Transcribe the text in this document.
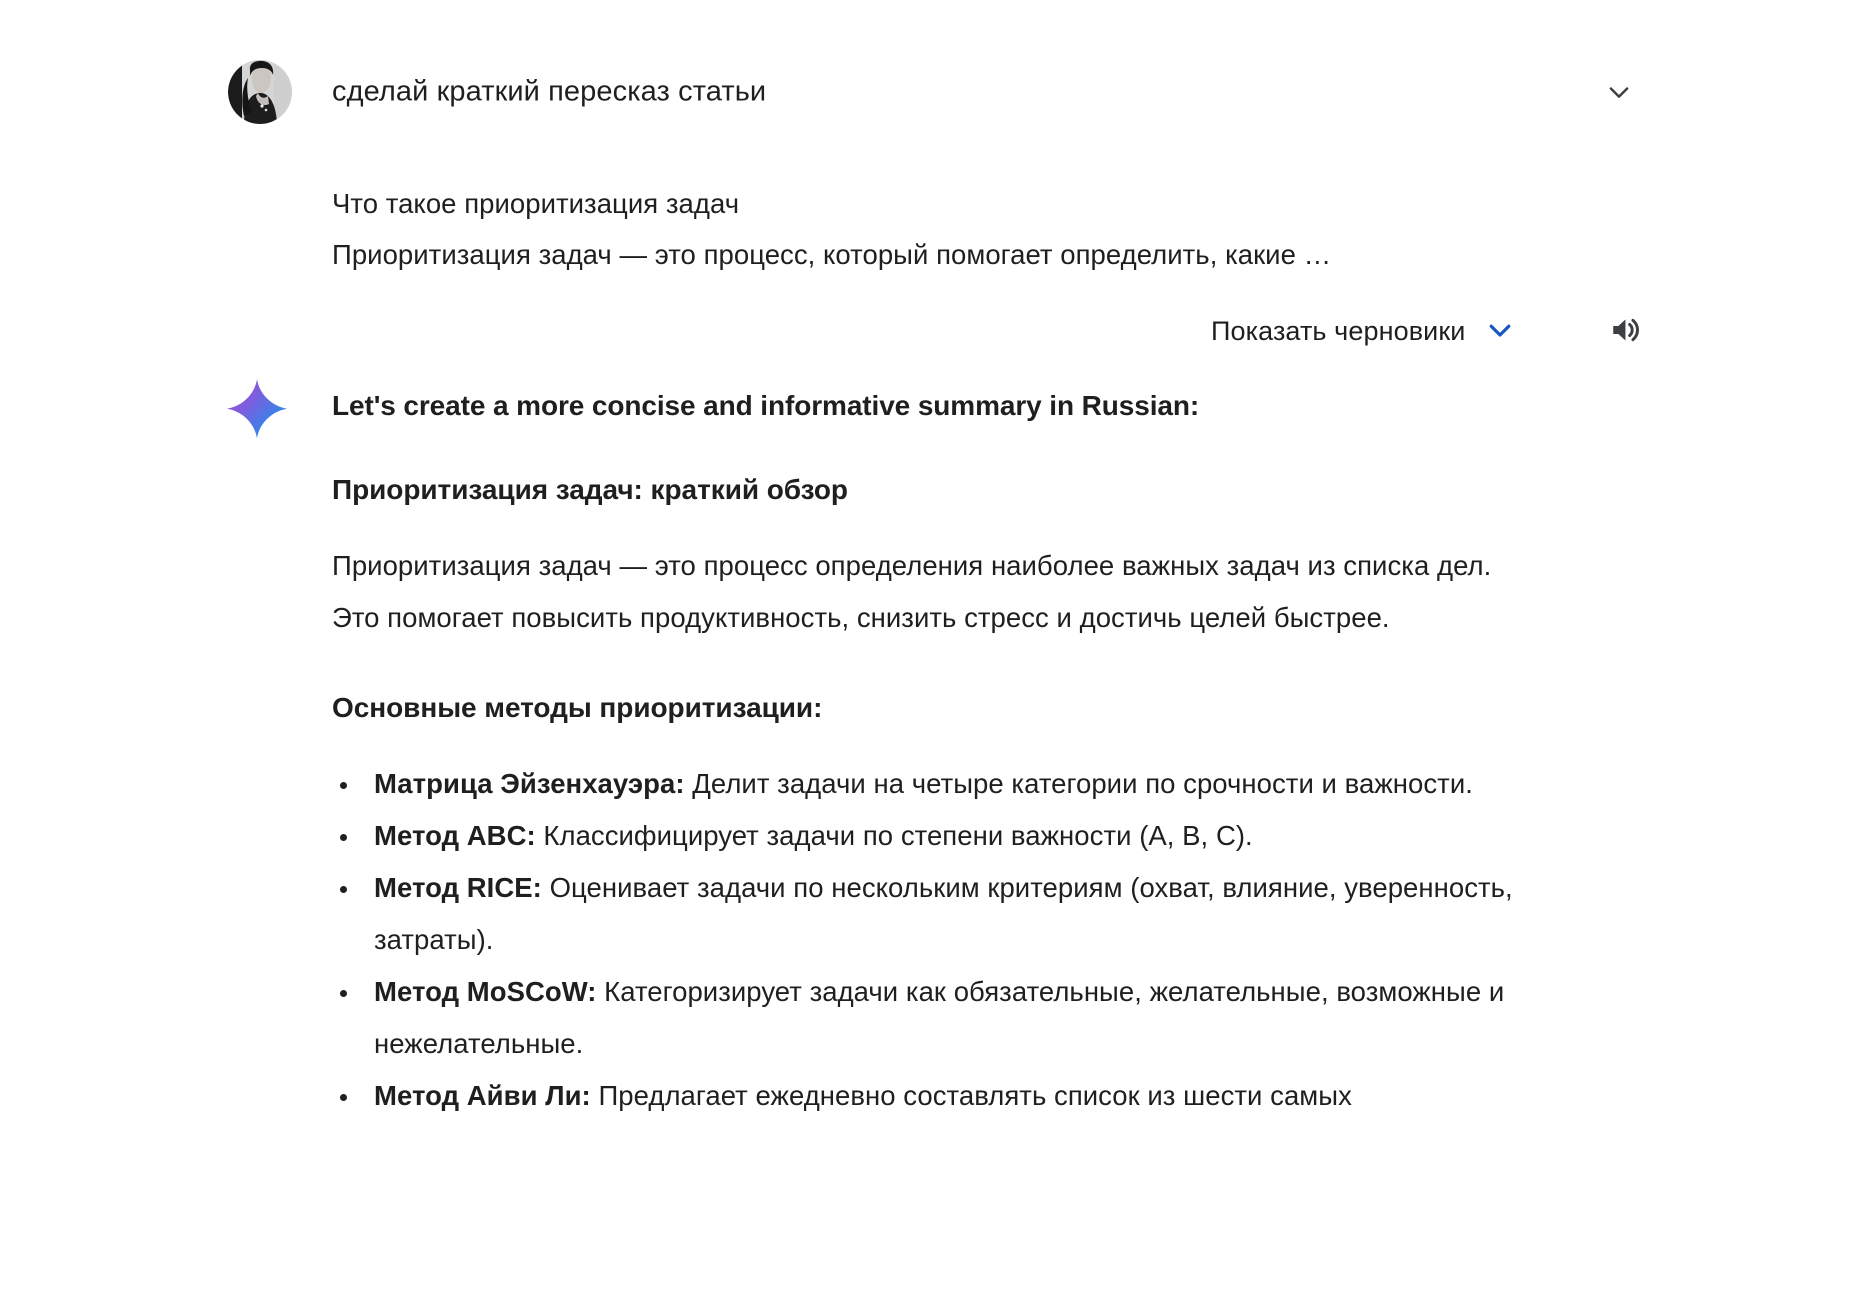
сделай краткий пересказ статьи
Что такое приоритизация задач
Приоритизация задач — это процесс, который помогает определить, какие …
Показать черновики

Let's create a more concise and informative summary in Russian:

Приоритизация задач: краткий обзор

Приоритизация задач — это процесс определения наиболее важных задач из списка дел. Это помогает повысить продуктивность, снизить стресс и достичь целей быстрее.

Основные методы приоритизации:

Матрица Эйзенхауэра: Делит задачи на четыре категории по срочности и важности.
Метод ABC: Классифицирует задачи по степени важности (A, B, C).
Метод RICE: Оценивает задачи по нескольким критериям (охват, влияние, уверенность, затраты).
Метод MoSCoW: Категоризирует задачи как обязательные, желательные, возможные и нежелательные.
Метод Айви Ли: Предлагает ежедневно составлять список из шести самых
